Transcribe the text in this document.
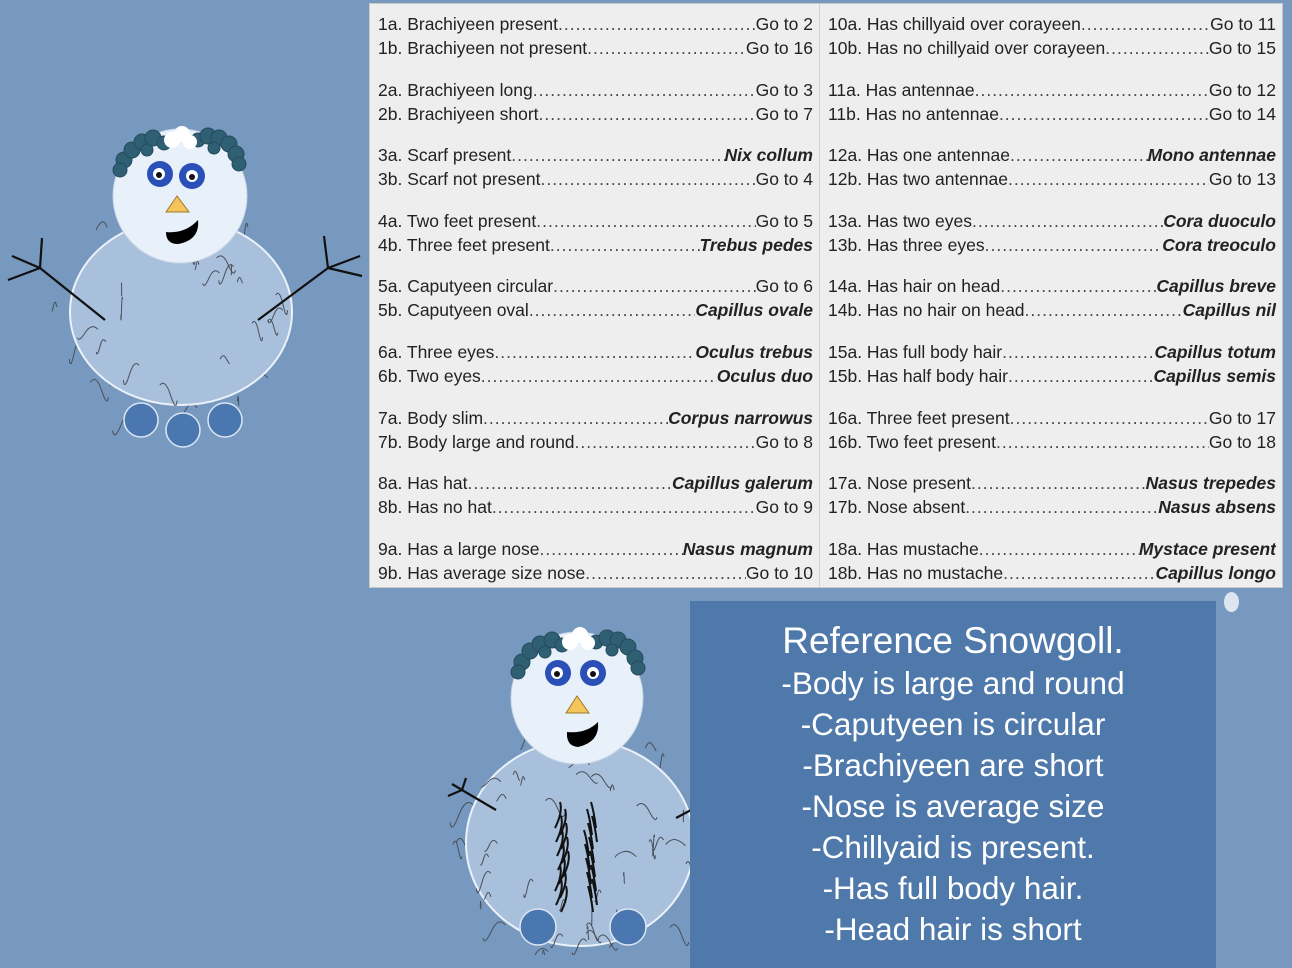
1a. Brachiyeen present .....	Go to 2
1b. Brachiyeen not present .....	Go to 16
2a. Brachiyeen long .....	Go to 3
2b. Brachiyeen short .....	Go to 7
3a. Scarf present .....	Nix collum
3b. Scarf not present .....	Go to 4
4a. Two feet present .....	Go to 5
4b. Three feet present .....	Trebus pedes
5a. Caputyeen circular .....	Go to 6
5b. Caputyeen oval .....	Capillus ovale
6a. Three eyes .....	Oculus trebus
6b. Two eyes .....	Oculus duo
7a. Body slim .....	Corpus narrowus
7b. Body large and round .....	Go to 8
8a. Has hat .....	Capillus galerum
8b. Has no hat .....	Go to 9
9a. Has a large nose .....	Nasus magnum
9b. Has average size nose .....	Go to 10
10a. Has chillyaid over corayeen .....	Go to 11
10b. Has no chillyaid over corayeen .....	Go to 15
11a. Has antennae .....	Go to 12
11b. Has no antennae .....	Go to 14
12a. Has one antennae .....	Mono antennae
12b. Has two antennae .....	Go to 13
13a. Has two eyes .....	Cora duoculo
13b. Has three eyes .....	Cora treoculo
14a. Has hair on head .....	Capillus breve
14b. Has no hair on head .....	Capillus nil
15a. Has full body hair .....	Capillus totum
15b. Has half body hair .....	Capillus semis
16a. Three feet present .....	Go to 17
16b. Two feet present .....	Go to 18
17a. Nose present .....	Nasus trepedes
17b. Nose absent .....	Nasus absens
18a. Has mustache .....	Mystace present
18b. Has no mustache .....	Capillus longo
Reference Snowgoll.
-Body is large and round
-Caputyeen is circular
-Brachiyeen are short
-Nose is average size
-Chillyaid is present.
-Has full body hair.
-Head hair is short
